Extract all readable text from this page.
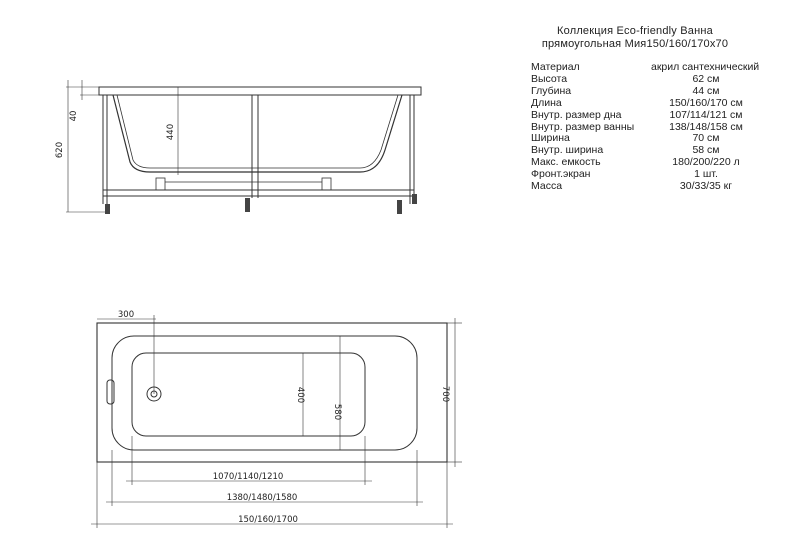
Коллекция Eco-friendly Ванна
прямоугольная Мия150/160/170x70
Материал	акрил сантехнический
Высота	62 см
Глубина	44 см
Длина	150/160/170 см
Внутр. размер дна	107/114/121 см
Внутр. размер ванны	138/148/158 см
Ширина	70 см
Внутр. ширина	58 см
Макс. емкость	180/200/220 л
Фронт.экран	1 шт.
Масса	30/33/35 кг
620
40
440
300
400
580
700
1070/1140/1210
1380/1480/1580
150/160/1700
